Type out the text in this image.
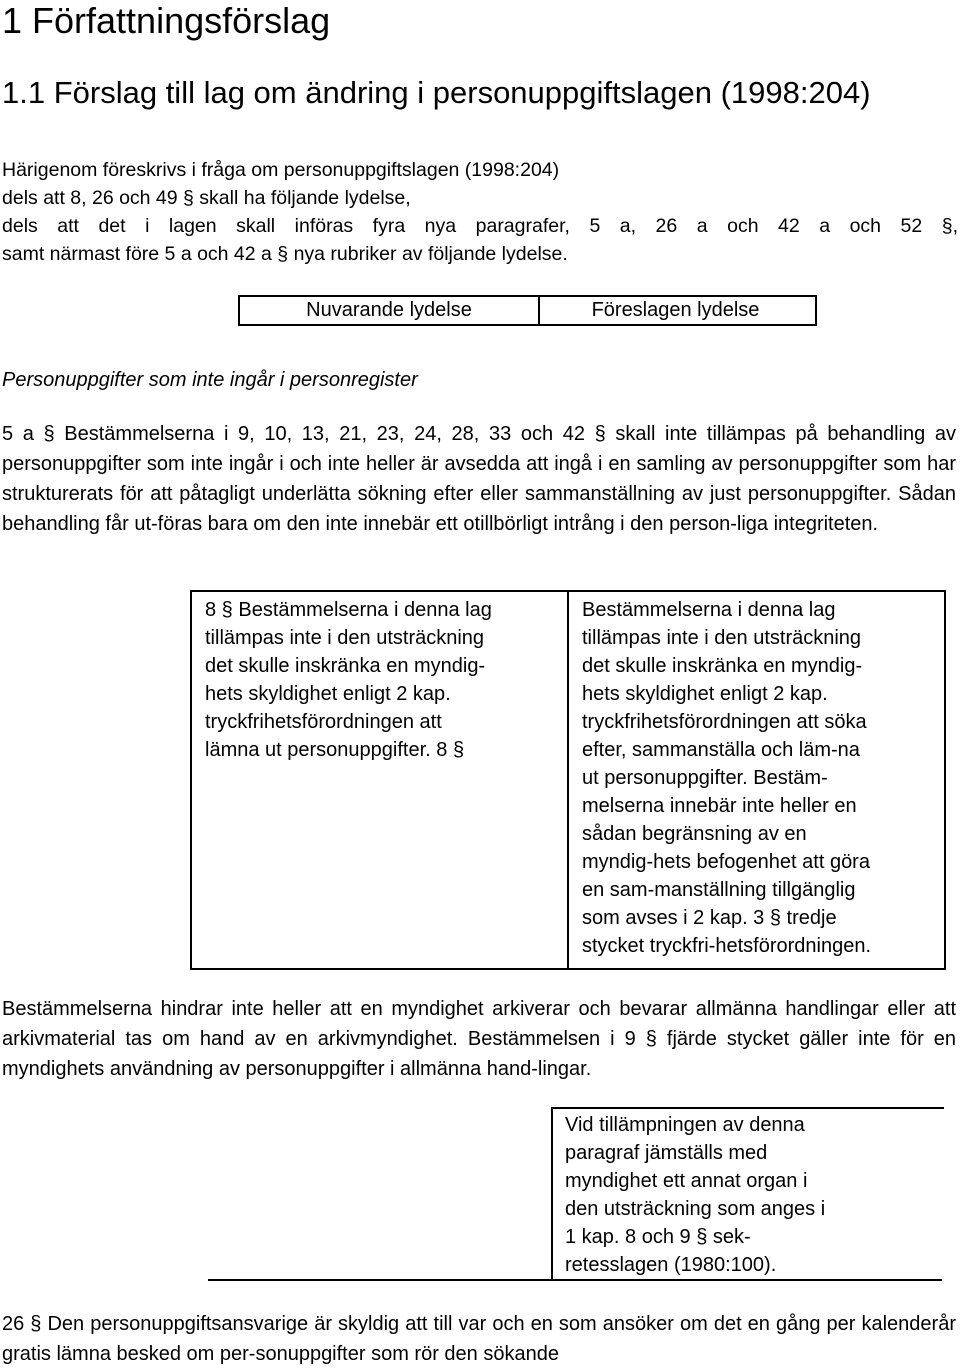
1 Författningsförslag
1.1 Förslag till lag om ändring i personuppgiftslagen (1998:204)
Härigenom föreskrivs i fråga om personuppgiftslagen (1998:204)
dels att 8, 26 och 49 § skall ha följande lydelse,
dels att det i lagen skall införas fyra nya paragrafer, 5 a, 26 a och 42 a och 52 §,
samt närmast före 5 a och 42 a § nya rubriker av följande lydelse.
Nuvarande lydelse	Föreslagen lydelse
Personuppgifter som inte ingår i personregister
5 a § Bestämmelserna i 9, 10, 13, 21, 23, 24, 28, 33 och 42 § skall inte tillämpas på behandling av personuppgifter som inte ingår i och inte heller är avsedda att ingå i en samling av personuppgifter som har strukturerats för att påtagligt underlätta sökning efter eller sammanställning av just personuppgifter. Sådan behandling får ut-föras bara om den inte innebär ett otillbörligt intrång i den person-liga integriteten.
8 § Bestämmelserna i denna lag
tillämpas inte i den utsträckning
det skulle inskränka en myndig-
hets skyldighet enligt 2 kap.
tryckfrihetsförordningen att
lämna ut personuppgifter. 8 §
Bestämmelserna i denna lag
tillämpas inte i den utsträckning
det skulle inskränka en myndig-
hets skyldighet enligt 2 kap.
tryckfrihetsförordningen att söka
efter, sammanställa och läm-na
ut personuppgifter. Bestäm-
melserna innebär inte heller en
sådan begränsning av en
myndig-hets befogenhet att göra
en sam-manställning tillgänglig
som avses i 2 kap. 3 § tredje
stycket tryckfri-hetsförordningen.
Bestämmelserna hindrar inte heller att en myndighet arkiverar och bevarar allmänna handlingar eller att arkivmaterial tas om hand av en arkivmyndighet. Bestämmelsen i 9 § fjärde stycket gäller inte för en myndighets användning av personuppgifter i allmänna hand-lingar.
Vid tillämpningen av denna
paragraf jämställs med
myndighet ett annat organ i
den utsträckning som anges i
1 kap. 8 och 9 § sek-
retesslagen (1980:100).
26 § Den personuppgiftsansvarige är skyldig att till var och en som ansöker om det en gång per kalenderår gratis lämna besked om per-sonuppgifter som rör den sökande
